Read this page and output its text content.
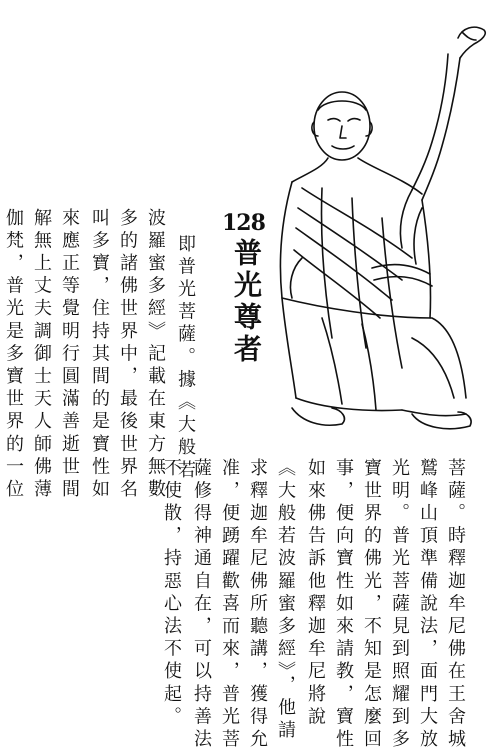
128
普光尊者
即普光菩薩。據《大般若
波羅蜜多經》記載在東方無數
多的諸佛世界中，最後世界名
叫多寶，住持其間的是寶性如
來應正等覺明行圓滿善逝世間
解無上丈夫調御士天人師佛薄
伽梵，普光是多寶世界的一位
菩薩。時釋迦牟尼佛在王舍城
鷲峰山頂準備說法，面門大放
光明。普光菩薩見到照耀到多
寶世界的佛光，不知是怎麼回
事，便向寶性如來請教，寶性
如來佛告訴他釋迦牟尼將說
《大般若波羅蜜多經》，他請
求釋迦牟尼佛所聽講，獲得允
准，便踴躍歡喜而來，普光菩
薩修得神通自在，可以持善法
不使散，持惡心法不使起。
